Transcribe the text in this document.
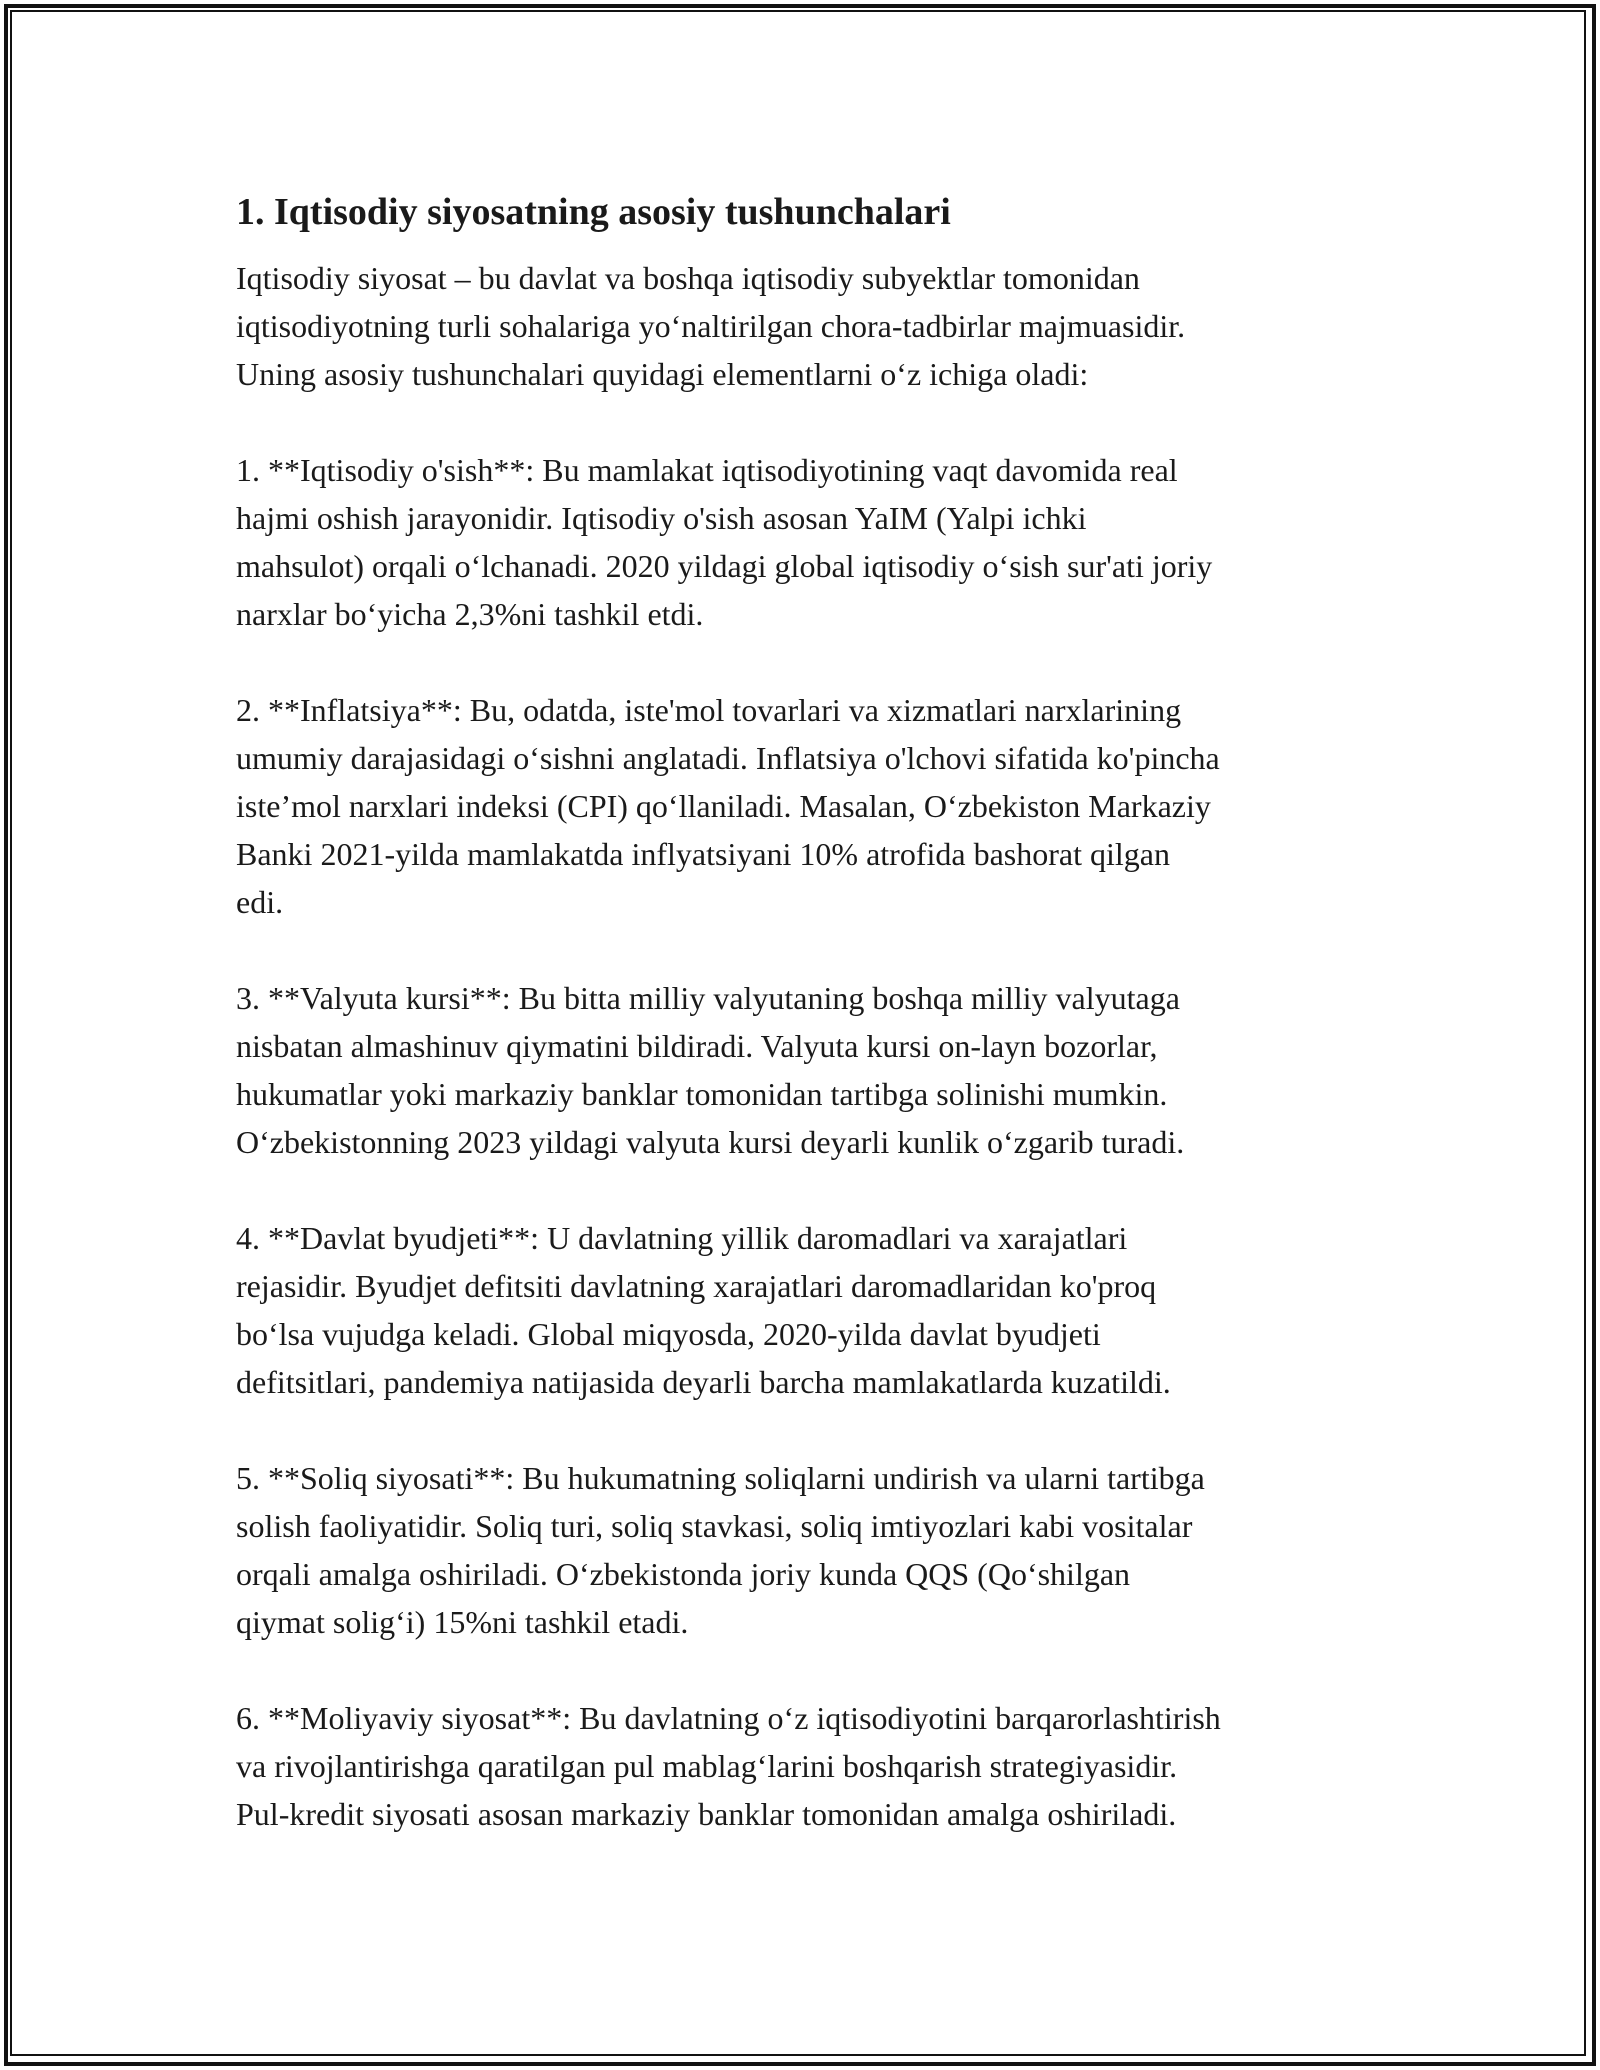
1. Iqtisodiy siyosatning asosiy tushunchalari

Iqtisodiy siyosat – bu davlat va boshqa iqtisodiy subyektlar tomonidan
iqtisodiyotning turli sohalariga yo‘naltirilgan chora-tadbirlar majmuasidir.
Uning asosiy tushunchalari quyidagi elementlarni o‘z ichiga oladi:

1. **Iqtisodiy o'sish**: Bu mamlakat iqtisodiyotining vaqt davomida real
hajmi oshish jarayonidir. Iqtisodiy o'sish asosan YaIM (Yalpi ichki
mahsulot) orqali o‘lchanadi. 2020 yildagi global iqtisodiy o‘sish sur'ati joriy
narxlar bo‘yicha 2,3%ni tashkil etdi.

2. **Inflatsiya**: Bu, odatda, iste'mol tovarlari va xizmatlari narxlarining
umumiy darajasidagi o‘sishni anglatadi. Inflatsiya o'lchovi sifatida ko'pincha
iste’mol narxlari indeksi (CPI) qo‘llaniladi. Masalan, O‘zbekiston Markaziy
Banki 2021-yilda mamlakatda inflyatsiyani 10% atrofida bashorat qilgan
edi.

3. **Valyuta kursi**: Bu bitta milliy valyutaning boshqa milliy valyutaga
nisbatan almashinuv qiymatini bildiradi. Valyuta kursi on-layn bozorlar,
hukumatlar yoki markaziy banklar tomonidan tartibga solinishi mumkin.
O‘zbekistonning 2023 yildagi valyuta kursi deyarli kunlik o‘zgarib turadi.

4. **Davlat byudjeti**: U davlatning yillik daromadlari va xarajatlari
rejasidir. Byudjet defitsiti davlatning xarajatlari daromadlaridan ko'proq
bo‘lsa vujudga keladi. Global miqyosda, 2020-yilda davlat byudjeti
defitsitlari, pandemiya natijasida deyarli barcha mamlakatlarda kuzatildi.

5. **Soliq siyosati**: Bu hukumatning soliqlarni undirish va ularni tartibga
solish faoliyatidir. Soliq turi, soliq stavkasi, soliq imtiyozlari kabi vositalar
orqali amalga oshiriladi. O‘zbekistonda joriy kunda QQS (Qo‘shilgan
qiymat solig‘i) 15%ni tashkil etadi.

6. **Moliyaviy siyosat**: Bu davlatning o‘z iqtisodiyotini barqarorlashtirish
va rivojlantirishga qaratilgan pul mablag‘larini boshqarish strategiyasidir.
Pul-kredit siyosati asosan markaziy banklar tomonidan amalga oshiriladi.
